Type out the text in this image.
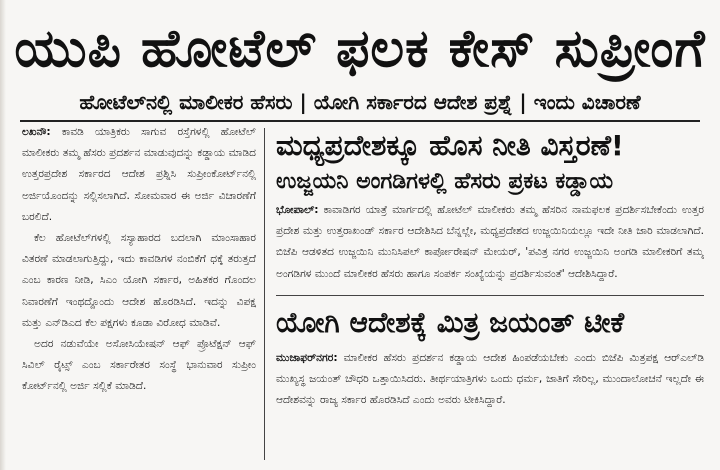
ಯುಪಿ ಹೋಟೆಲ್ ಫಲಕ ಕೇಸ್ ಸುಪ್ರೀಂಗೆ
ಹೋಟೆಲ್‌ನಲ್ಲಿ ಮಾಲೀಕರ ಹೆಸರು | ಯೋಗಿ ಸರ್ಕಾರದ ಆದೇಶ ಪ್ರಶ್ನೆ | ಇಂದು ವಿಚಾರಣೆ

ಲಖನೌ: ಕಾವಡಿ ಯಾತ್ರಿಕರು ಸಾಗುವ ರಸ್ತೆಗಳಲ್ಲಿ ಹೋಟೆಲ್ ಮಾಲೀಕರು ತಮ್ಮ ಹೆಸರು ಪ್ರದರ್ಶನ ಮಾಡುವುದನ್ನು ಕಡ್ಡಾಯ ಮಾಡಿದ ಉತ್ತರಪ್ರದೇಶ ಸರ್ಕಾರದ ಆದೇಶ ಪ್ರಶ್ನಿಸಿ ಸುಪ್ರೀಂಕೋರ್ಟ್‌ನಲ್ಲಿ ಅರ್ಜಿಯೊಂದನ್ನು ಸಲ್ಲಿಸಲಾಗಿದೆ. ಸೋಮವಾರ ಈ ಅರ್ಜಿ ವಿಚಾರಣೆಗೆ ಬರಲಿದೆ.

ಕೆಲ ಹೋಟೆಲ್‌ಗಳಲ್ಲಿ ಸಸ್ಯಾಹಾರದ ಬದಲಾಗಿ ಮಾಂಸಾಹಾರ ವಿತರಣೆ ಮಾಡಲಾಗುತ್ತಿದ್ದು, ಇದು ಕಾವಡಿಗಳ ನಂಬಿಕೆಗೆ ಧಕ್ಕೆ ತರುತ್ತದೆ ಎಂಬ ಕಾರಣ ನೀಡಿ, ಸಿಎಂ ಯೋಗಿ ಸರ್ಕಾರ, ಅಹಿತಕರ ಗೊಂದಲ ನಿವಾರಣೆಗೆ ಇಂಥದ್ದೊಂದು ಆದೇಶ ಹೊರಡಿಸಿದೆ. ಇದನ್ನು ವಿಪಕ್ಷ ಮತ್ತು ಎನ್‌ಡಿಎದ ಕೆಲ ಪಕ್ಷಗಳು ಕೂಡಾ ವಿರೋಧ ಮಾಡಿವೆ.

ಅದರ ನಡುವೆಯೇ ಅಸೋಸಿಯೇಷನ್ ಆಫ್ ಪ್ರೊಟೆಕ್ಷನ್ ಆಫ್ ಸಿವಿಲ್ ರೈಟ್ಸ್ ಎಂಬ ಸರ್ಕಾರೇತರ ಸಂಸ್ಥೆ ಭಾನುವಾರ ಸುಪ್ರೀಂ ಕೋರ್ಟ್‌ನಲ್ಲಿ ಅರ್ಜಿ ಸಲ್ಲಿಕೆ ಮಾಡಿದೆ.

ಮಧ್ಯಪ್ರದೇಶಕ್ಕೂ ಹೊಸ ನೀತಿ ವಿಸ್ತರಣೆ!
ಉಜ್ಜಯನಿ ಅಂಗಡಿಗಳಲ್ಲಿ ಹೆಸರು ಪ್ರಕಟ ಕಡ್ಡಾಯ
ಭೋಪಾಲ್: ಕಾವಾಡಿಗರ ಯಾತ್ರೆ ಮಾರ್ಗದಲ್ಲಿ ಹೋಟೆಲ್ ಮಾಲೀಕರು ತಮ್ಮ ಹೆಸರಿನ ನಾಮಫಲಕ ಪ್ರದರ್ಶಿಸಬೇಕೆಂದು ಉತ್ತರ ಪ್ರದೇಶ ಮತ್ತು ಉತ್ತರಾಖಂಡ್ ಸರ್ಕಾರ ಆದೇಶಿಸಿದ ಬೆನ್ನಲ್ಲೇ, ಮಧ್ಯಪ್ರದೇಶದ ಉಜ್ಜಯಿನಿಯಲ್ಲೂ ಇದೇ ನೀತಿ ಜಾರಿ ಮಾಡಲಾಗಿದೆ. ಬಿಜೆಪಿ ಆಡಳಿತದ ಉಜ್ಜಯಿನಿ ಮುನಿಸಿಪಲ್ ಕಾರ್ಪೋರೇಷನ್ ಮೇಯರ್, 'ಪವಿತ್ರ ನಗರ ಉಜ್ಜಯಿನಿ ಅಂಗಡಿ ಮಾಲೀಕರಿಗೆ ತಮ್ಮ ಅಂಗಡಿಗಳ ಮುಂದೆ ಮಾಲೀಕರ ಹೆಸರು ಹಾಗೂ ಸಂಪರ್ಕ ಸಂಖ್ಯೆಯನ್ನು ಪ್ರದರ್ಶಿಸುವಂತೆ' ಆದೇಶಿಸಿದ್ದಾರೆ.
ಯೋಗಿ ಆದೇಶಕ್ಕೆ ಮಿತ್ರ ಜಯಂತ್ ಟೀಕೆ
ಮುಜಾಫರ್‌ನಗರ: ಮಾಲೀಕರ ಹೆಸರು ಪ್ರದರ್ಶನ ಕಡ್ಡಾಯ ಆದೇಶ ಹಿಂಪಡೆಯಬೇಕು ಎಂದು ಬಿಜೆಪಿ ಮಿತ್ರಪಕ್ಷ ಆರ್‌ಎಲ್‌ಡಿ ಮುಖ್ಯಸ್ಥ ಜಯಂತ್ ಚೌಧರಿ ಒತ್ತಾಯಿಸಿದರು. ತೀರ್ಥಯಾತ್ರಿಗಳು ಒಂದು ಧರ್ಮ, ಜಾತಿಗೆ ಸೇರಿಲ್ಲ, ಮುಂದಾಲೋಚನೆ ಇಲ್ಲದೇ ಈ ಆದೇಶವನ್ನು ರಾಜ್ಯ ಸರ್ಕಾರ ಹೊರಡಿಸಿದೆ ಎಂದು ಅವರು ಟೀಕಿಸಿದ್ದಾರೆ.
